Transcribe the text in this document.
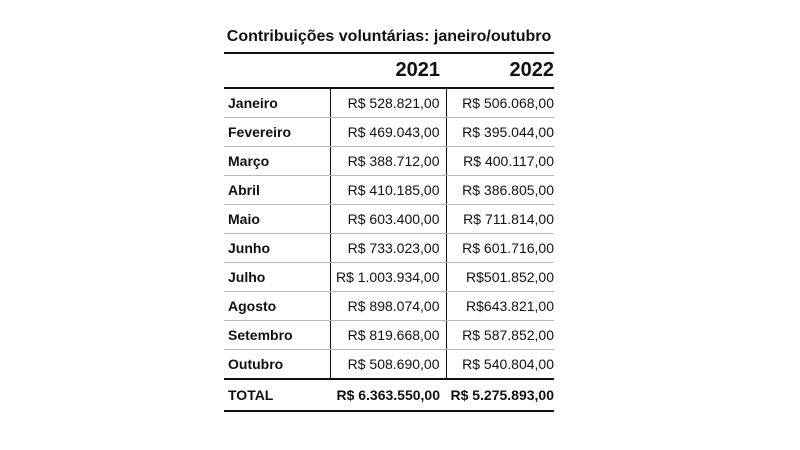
Contribuições voluntárias: janeiro/outubro
	2021	2022
Janeiro	R$ 528.821,00	R$ 506.068,00
Fevereiro	R$ 469.043,00	R$ 395.044,00
Março	R$ 388.712,00	R$ 400.117,00
Abril	R$ 410.185,00	R$ 386.805,00
Maio	R$ 603.400,00	R$ 711.814,00
Junho	R$ 733.023,00	R$ 601.716,00
Julho	R$ 1.003.934,00	R$501.852,00
Agosto	R$ 898.074,00	R$643.821,00
Setembro	R$ 819.668,00	R$ 587.852,00
Outubro	R$ 508.690,00	R$ 540.804,00
TOTAL	R$ 6.363.550,00	R$ 5.275.893,00
